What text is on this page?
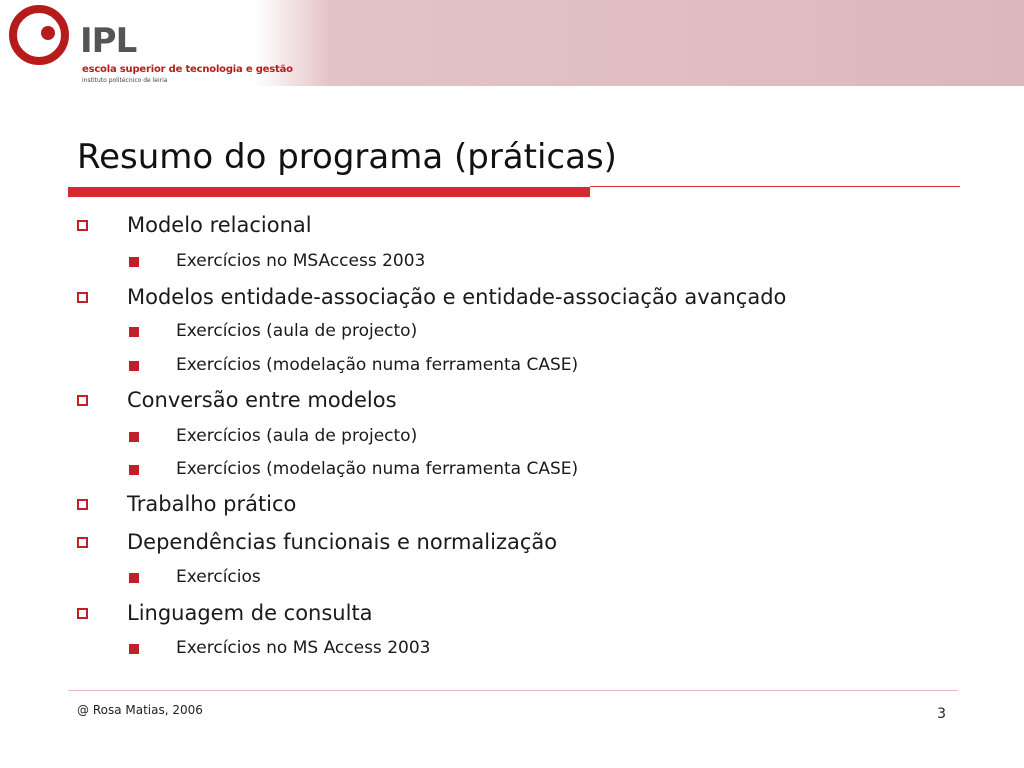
IPL
escola superior de tecnologia e gestão
instituto politécnico de leiria
Resumo do programa (práticas)
Modelo relacional
Exercícios no MSAccess 2003
Modelos entidade-associação e entidade-associação avançado
Exercícios (aula de projecto)
Exercícios (modelação numa ferramenta CASE)
Conversão entre modelos
Exercícios (aula de projecto)
Exercícios (modelação numa ferramenta CASE)
Trabalho prático
Dependências funcionais e normalização
Exercícios
Linguagem de consulta
Exercícios no MS Access 2003
@ Rosa Matias, 2006	3
